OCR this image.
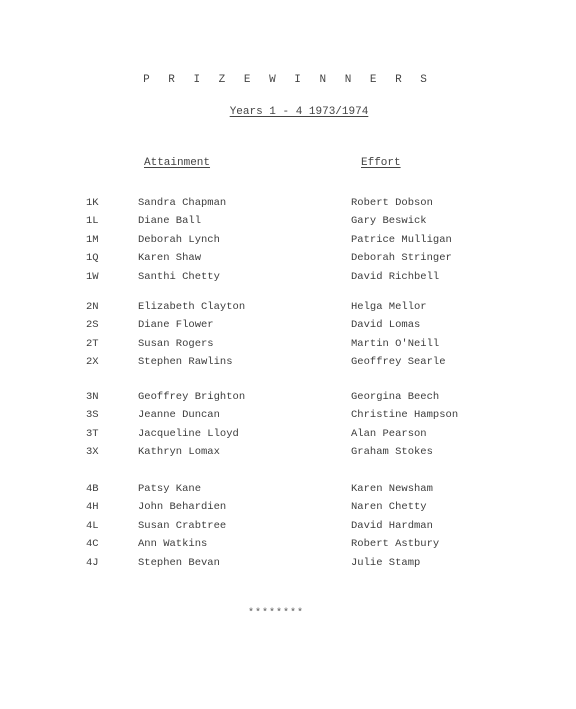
P R I Z E W I N N E R S
Years 1 - 4 1973/1974
Attainment	Effort
1K	Sandra Chapman	Robert Dobson
1L	Diane Ball	Gary Beswick
1M	Deborah Lynch	Patrice Mulligan
1Q	Karen Shaw	Deborah Stringer
1W	Santhi Chetty	David Richbell
2N	Elizabeth Clayton	Helga Mellor
2S	Diane Flower	David Lomas
2T	Susan Rogers	Martin O'Neill
2X	Stephen Rawlins	Geoffrey Searle
3N	Geoffrey Brighton	Georgina Beech
3S	Jeanne Duncan	Christine Hampson
3T	Jacqueline Lloyd	Alan Pearson
3X	Kathryn Lomax	Graham Stokes
4B	Patsy Kane	Karen Newsham
4H	John Behardien	Naren Chetty
4L	Susan Crabtree	David Hardman
4C	Ann Watkins	Robert Astbury
4J	Stephen Bevan	Julie Stamp
********
